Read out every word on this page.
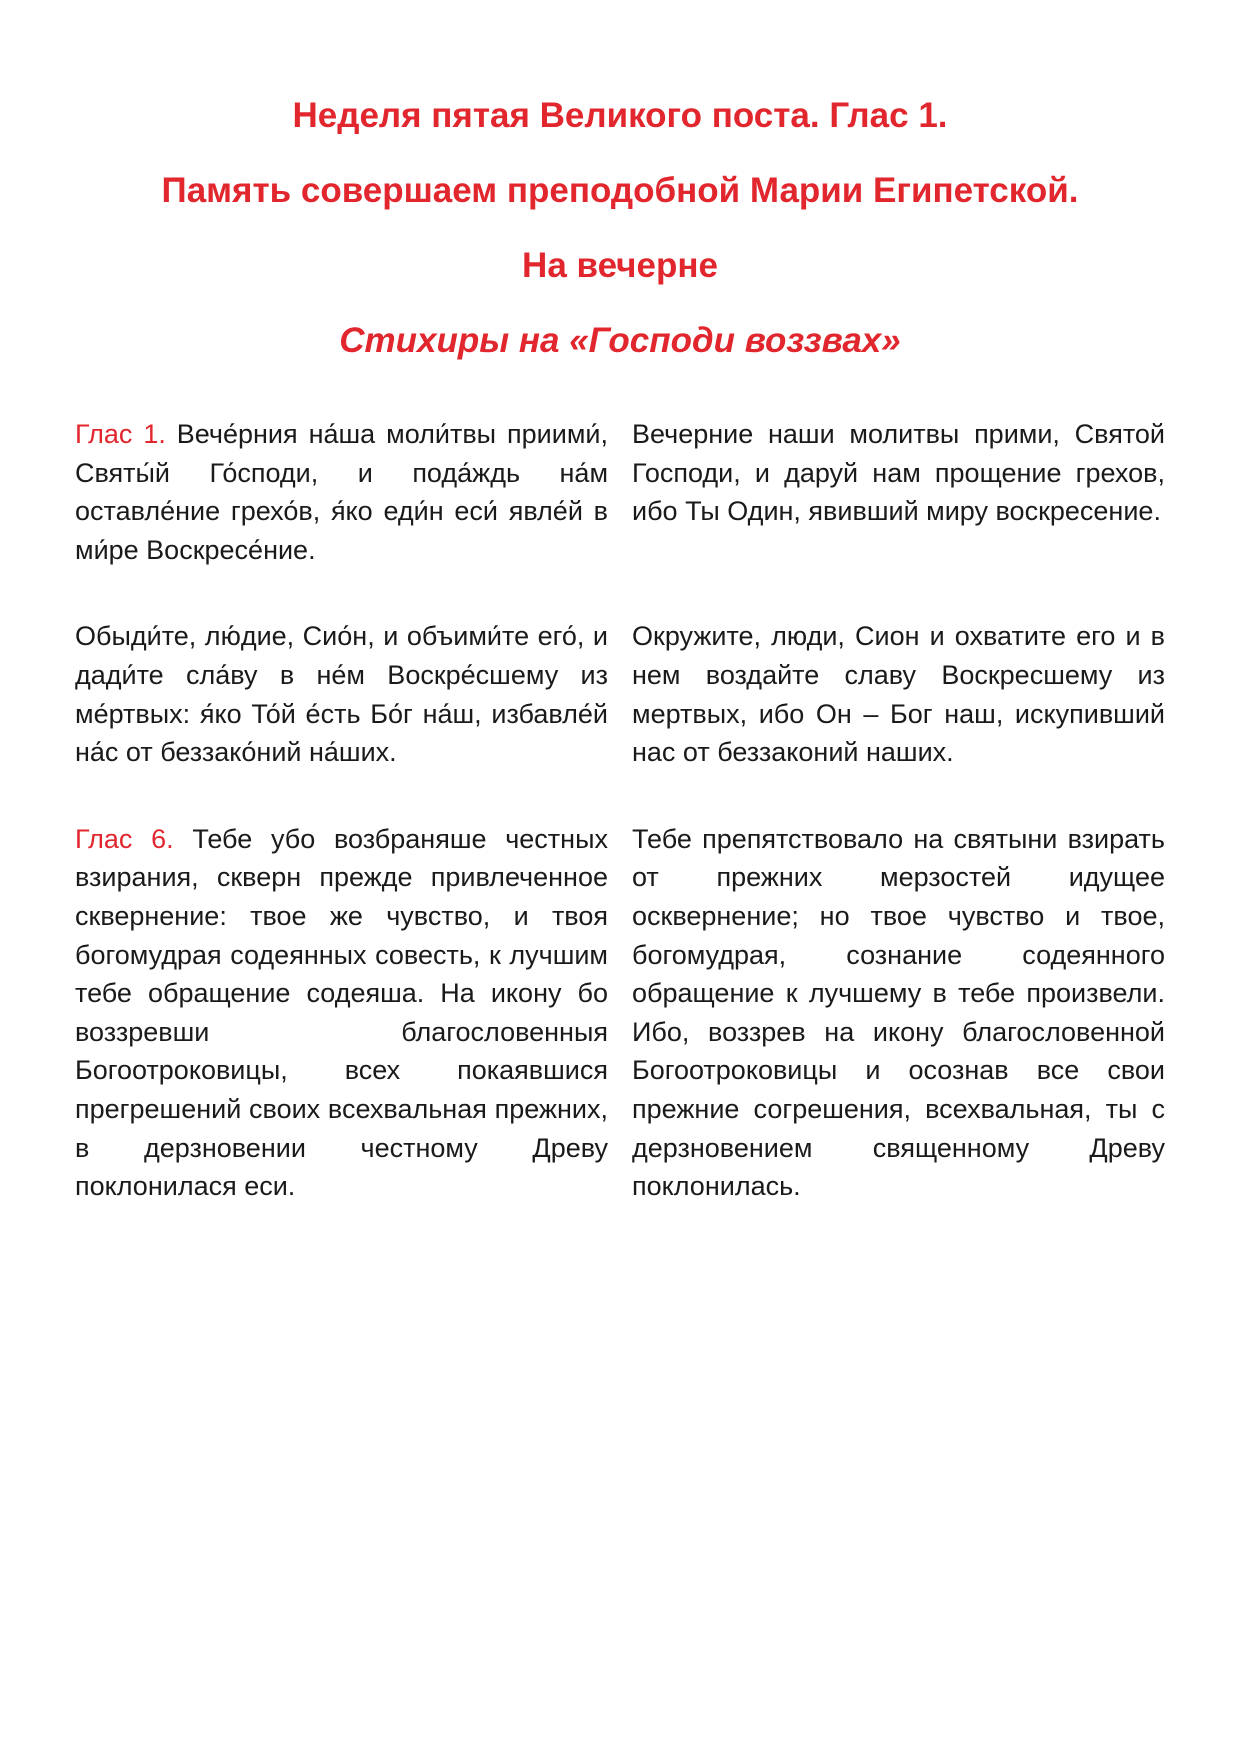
Неделя пятая Великого поста. Глас 1.
Память совершаем преподобной Марии Египетской.
На вечерне
Стихиры на «Господи воззвах»
Глас 1. Вече́рния на́ша моли́твы приими́, Святы́й Го́споди, и пода́ждь на́м оставле́ние грехо́в, я́ко еди́н еси́ явле́й в ми́ре Воскресе́ние.
Вечерние наши молитвы прими, Святой Господи, и даруй нам прощение грехов, ибо Ты Один, явивший миру воскресение.
Обыди́те, лю́дие, Сио́н, и объими́те его́, и дади́те сла́ву в не́м Воскре́сшему из ме́ртвых: я́ко То́й е́сть Бо́г на́ш, избавле́й на́с от беззако́ний на́ших.
Окружите, люди, Сион и охватите его и в нем воздайте славу Воскресшему из мертвых, ибо Он – Бог наш, искупивший нас от беззаконий наших.
Глас 6. Тебе убо возбраняше честных взирания, скверн прежде привлеченное сквернение: твое же чувство, и твоя богомудрая содеянных совесть, к лучшим тебе обращение содеяша. На икону бо воззревши благословенныя Богоотроковицы, всех покаявшися прегрешений своих всехвальная прежних, в дерзновении честному Древу поклонилася еси.
Тебе препятствовало на святыни взирать от прежних мерзостей идущее осквернение; но твое чувство и твое, богомудрая, сознание содеянного обращение к лучшему в тебе произвели. Ибо, воззрев на икону благословенной Богоотроковицы и осознав все свои прежние согрешения, всехвальная, ты с дерзновением священному Древу поклонилась.
